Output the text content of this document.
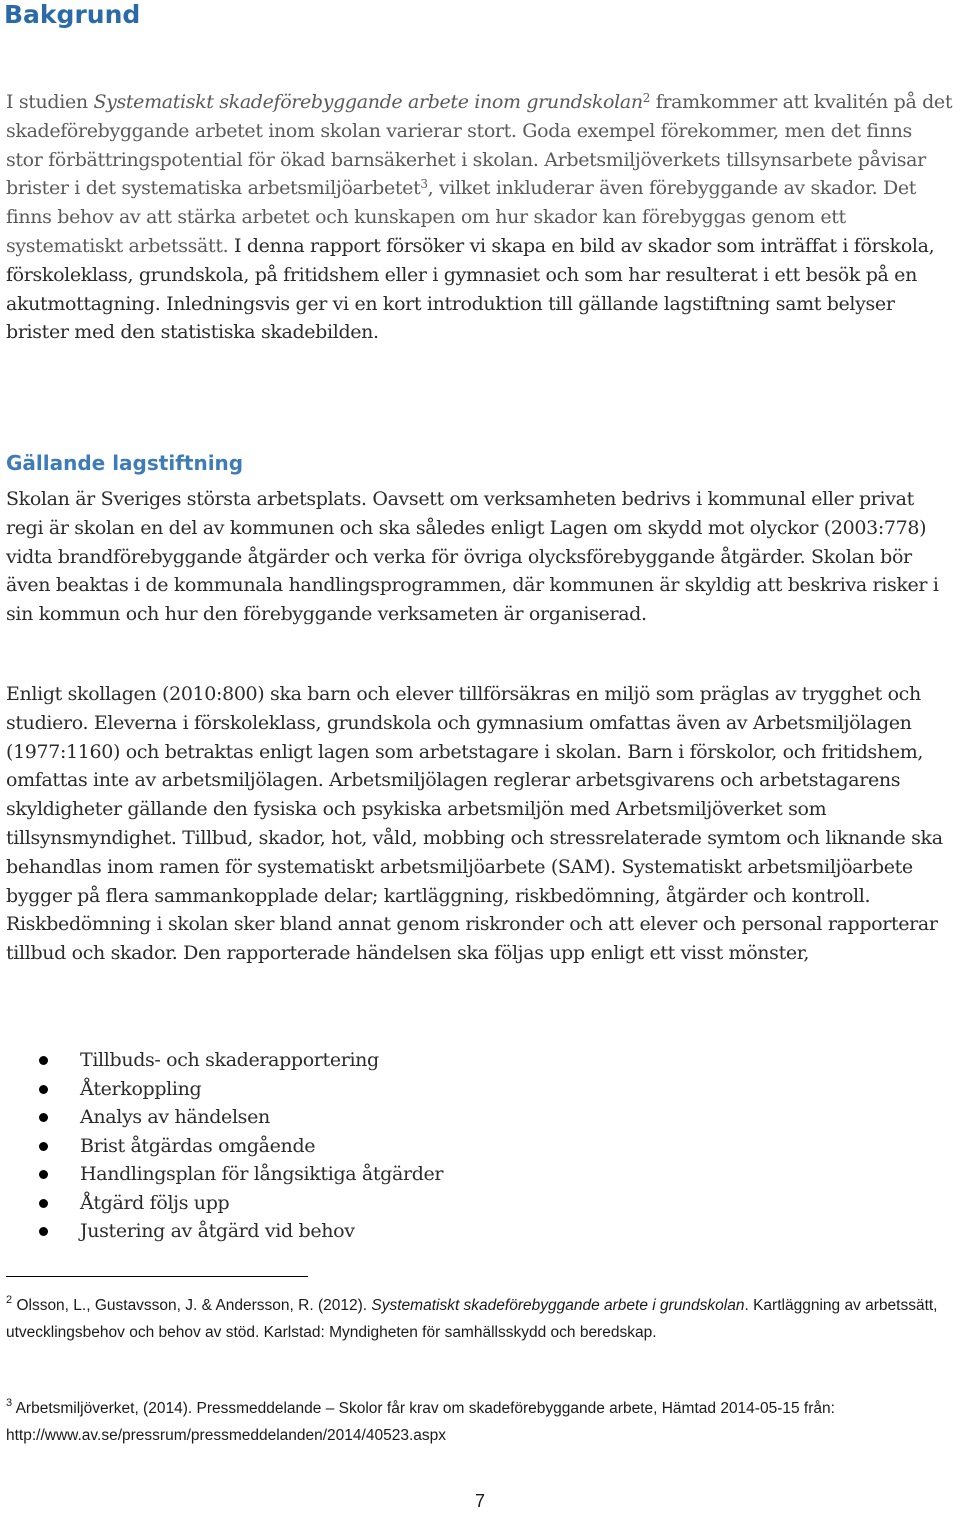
Bakgrund

I studien Systematiskt skadeförebyggande arbete inom grundskolan$^2$ framkommer att kvalitén på det skadeförebyggande arbetet inom skolan varierar stort. Goda exempel förekommer, men det finns stor förbättringspotential för ökad barnsäkerhet i skolan. Arbetsmiljöverkets tillsynsarbete påvisar brister i det systematiska arbetsmiljöarbetet$^3$, vilket inkluderar även förebyggande av skador. Det finns behov av att stärka arbetet och kunskapen om hur skador kan förebyggas genom ett systematiskt arbetssätt. I denna rapport försöker vi skapa en bild av skador som inträffat i förskola, förskoleklass, grundskola, på fritidshem eller i gymnasiet och som har resulterat i ett besök på en akutmottagning. Inledningsvis ger vi en kort introduktion till gällande lagstiftning samt belyser brister med den statistiska skadebilden.

Gällande lagstiftning

Skolan är Sveriges största arbetsplats. Oavsett om verksamheten bedrivs i kommunal eller privat regi är skolan en del av kommunen och ska således enligt Lagen om skydd mot olyckor (2003:778) vidta brandförebyggande åtgärder och verka för övriga olycksförebyggande åtgärder. Skolan bör även beaktas i de kommunala handlingsprogrammen, där kommunen är skyldig att beskriva risker i sin kommun och hur den förebyggande verksameten är organiserad.

Enligt skollagen (2010:800) ska barn och elever tillförsäkras en miljö som präglas av trygghet och studiero. Eleverna i förskoleklass, grundskola och gymnasium omfattas även av Arbetsmiljölagen (1977:1160) och betraktas enligt lagen som arbetstagare i skolan. Barn i förskolor, och fritidshem, omfattas inte av arbetsmiljölagen. Arbetsmiljölagen reglerar arbetsgivarens och arbetstagarens skyldigheter gällande den fysiska och psykiska arbetsmiljön med Arbetsmiljöverket som tillsynsmyndighet. Tillbud, skador, hot, våld, mobbing och stressrelaterade symtom och liknande ska behandlas inom ramen för systematiskt arbetsmiljöarbete (SAM). Systematiskt arbetsmiljöarbete bygger på flera sammankopplade delar; kartläggning, riskbedömning, åtgärder och kontroll. Riskbedömning i skolan sker bland annat genom riskronder och att elever och personal rapporterar tillbud och skador. Den rapporterade händelsen ska följas upp enligt ett visst mönster,

Tillbuds- och skaderapportering
Återkoppling
Analys av händelsen
Brist åtgärdas omgående
Handlingsplan för långsiktiga åtgärder
Åtgärd följs upp
Justering av åtgärd vid behov

$^2$ Olsson, L., Gustavsson, J. & Andersson, R. (2012). Systematiskt skadeförebyggande arbete i grundskolan. Kartläggning av arbetssätt, utvecklingsbehov och behov av stöd. Karlstad: Myndigheten för samhällsskydd och beredskap.

$^3$ Arbetsmiljöverket, (2014). Pressmeddelande – Skolor får krav om skadeförebyggande arbete, Hämtad 2014-05-15 från: http://www.av.se/pressrum/pressmeddelanden/2014/40523.aspx

7
